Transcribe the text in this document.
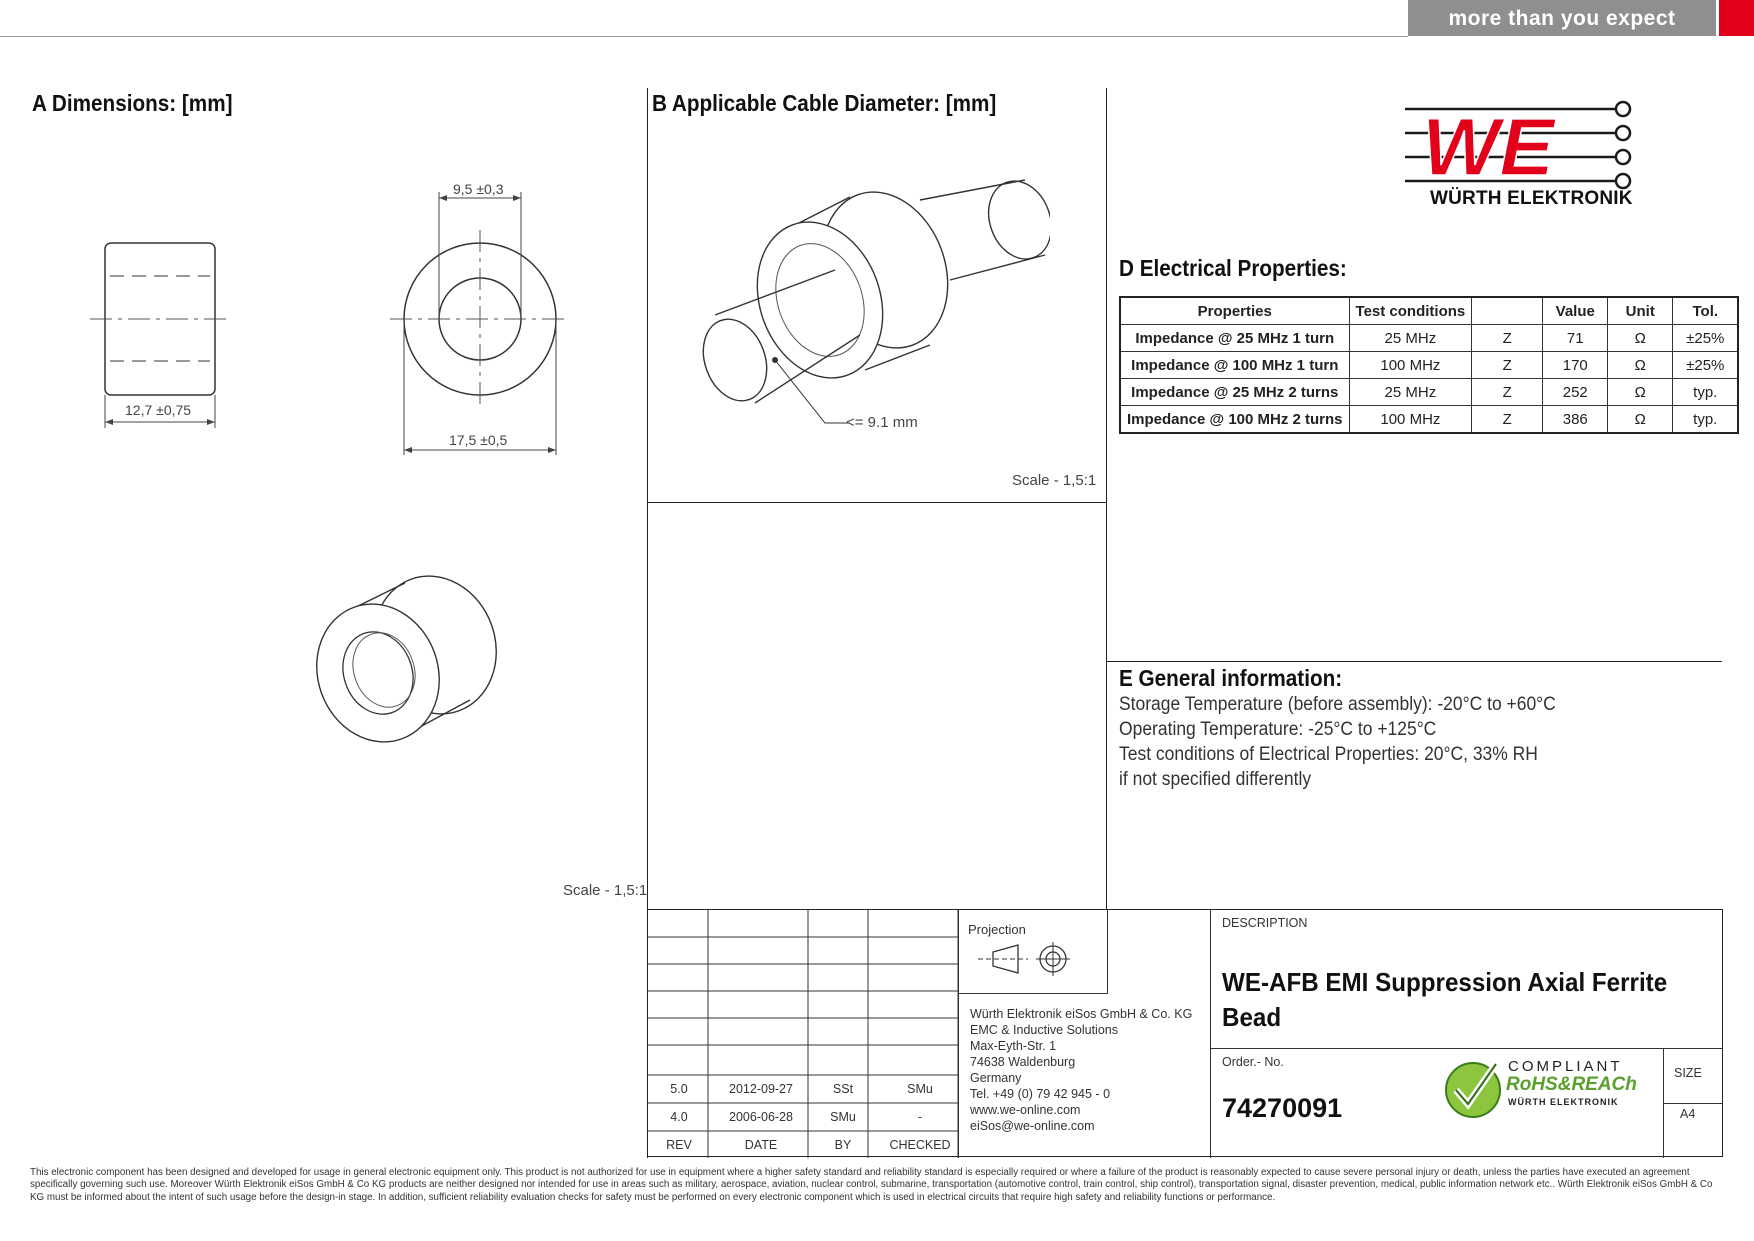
more than you expect
A Dimensions: [mm]
9,5 ±0,3
12,7 ±0,75
17,5 ±0,5
Scale - 1,5:1
B Applicable Cable Diameter: [mm]
<= 9.1 mm
Scale - 1,5:1
WE
WÜRTH ELEKTRONIK
D Electrical Properties:
Properties	Test conditions		Value	Unit	Tol.
Impedance @ 25 MHz 1 turn	25 MHz	Z	71	Ω	±25%
Impedance @ 100 MHz 1 turn	100 MHz	Z	170	Ω	±25%
Impedance @ 25 MHz 2 turns	25 MHz	Z	252	Ω	typ.
Impedance @ 100 MHz 2 turns	100 MHz	Z	386	Ω	typ.
E General information:
Storage Temperature (before assembly): -20°C to +60°C
Operating Temperature: -25°C to +125°C
Test conditions of Electrical Properties: 20°C, 33% RH
if not specified differently
5.0	2012-09-27	SSt	SMu
4.0	2006-06-28	SMu	-
REV	DATE	BY	CHECKED
Projection
Würth Elektronik eiSos GmbH & Co. KG
EMC & Inductive Solutions
Max-Eyth-Str. 1
74638 Waldenburg
Germany
Tel. +49 (0) 79 42 945 - 0
www.we-online.com
eiSos@we-online.com
DESCRIPTION
WE-AFB EMI Suppression Axial Ferrite
Bead
Order.- No.
74270091
COMPLIANT
RoHS&REACh
WÜRTH ELEKTRONIK
SIZE
A4
This electronic component has been designed and developed for usage in general electronic equipment only. This product is not authorized for use in equipment where a higher safety standard and reliability standard is especially required or where a failure of the product is reasonably expected to cause severe personal injury or death, unless the parties have executed an agreement specifically governing such use. Moreover Würth Elektronik eiSos GmbH & Co KG products are neither designed nor intended for use in areas such as military, aerospace, aviation, nuclear control, submarine, transportation (automotive control, train control, ship control), transportation signal, disaster prevention, medical, public information network etc.. Würth Elektronik eiSos GmbH & Co KG must be informed about the intent of such usage before the design-in stage. In addition, sufficient reliability evaluation checks for safety must be performed on every electronic component which is used in electrical circuits that require high safety and reliability functions or performance.
